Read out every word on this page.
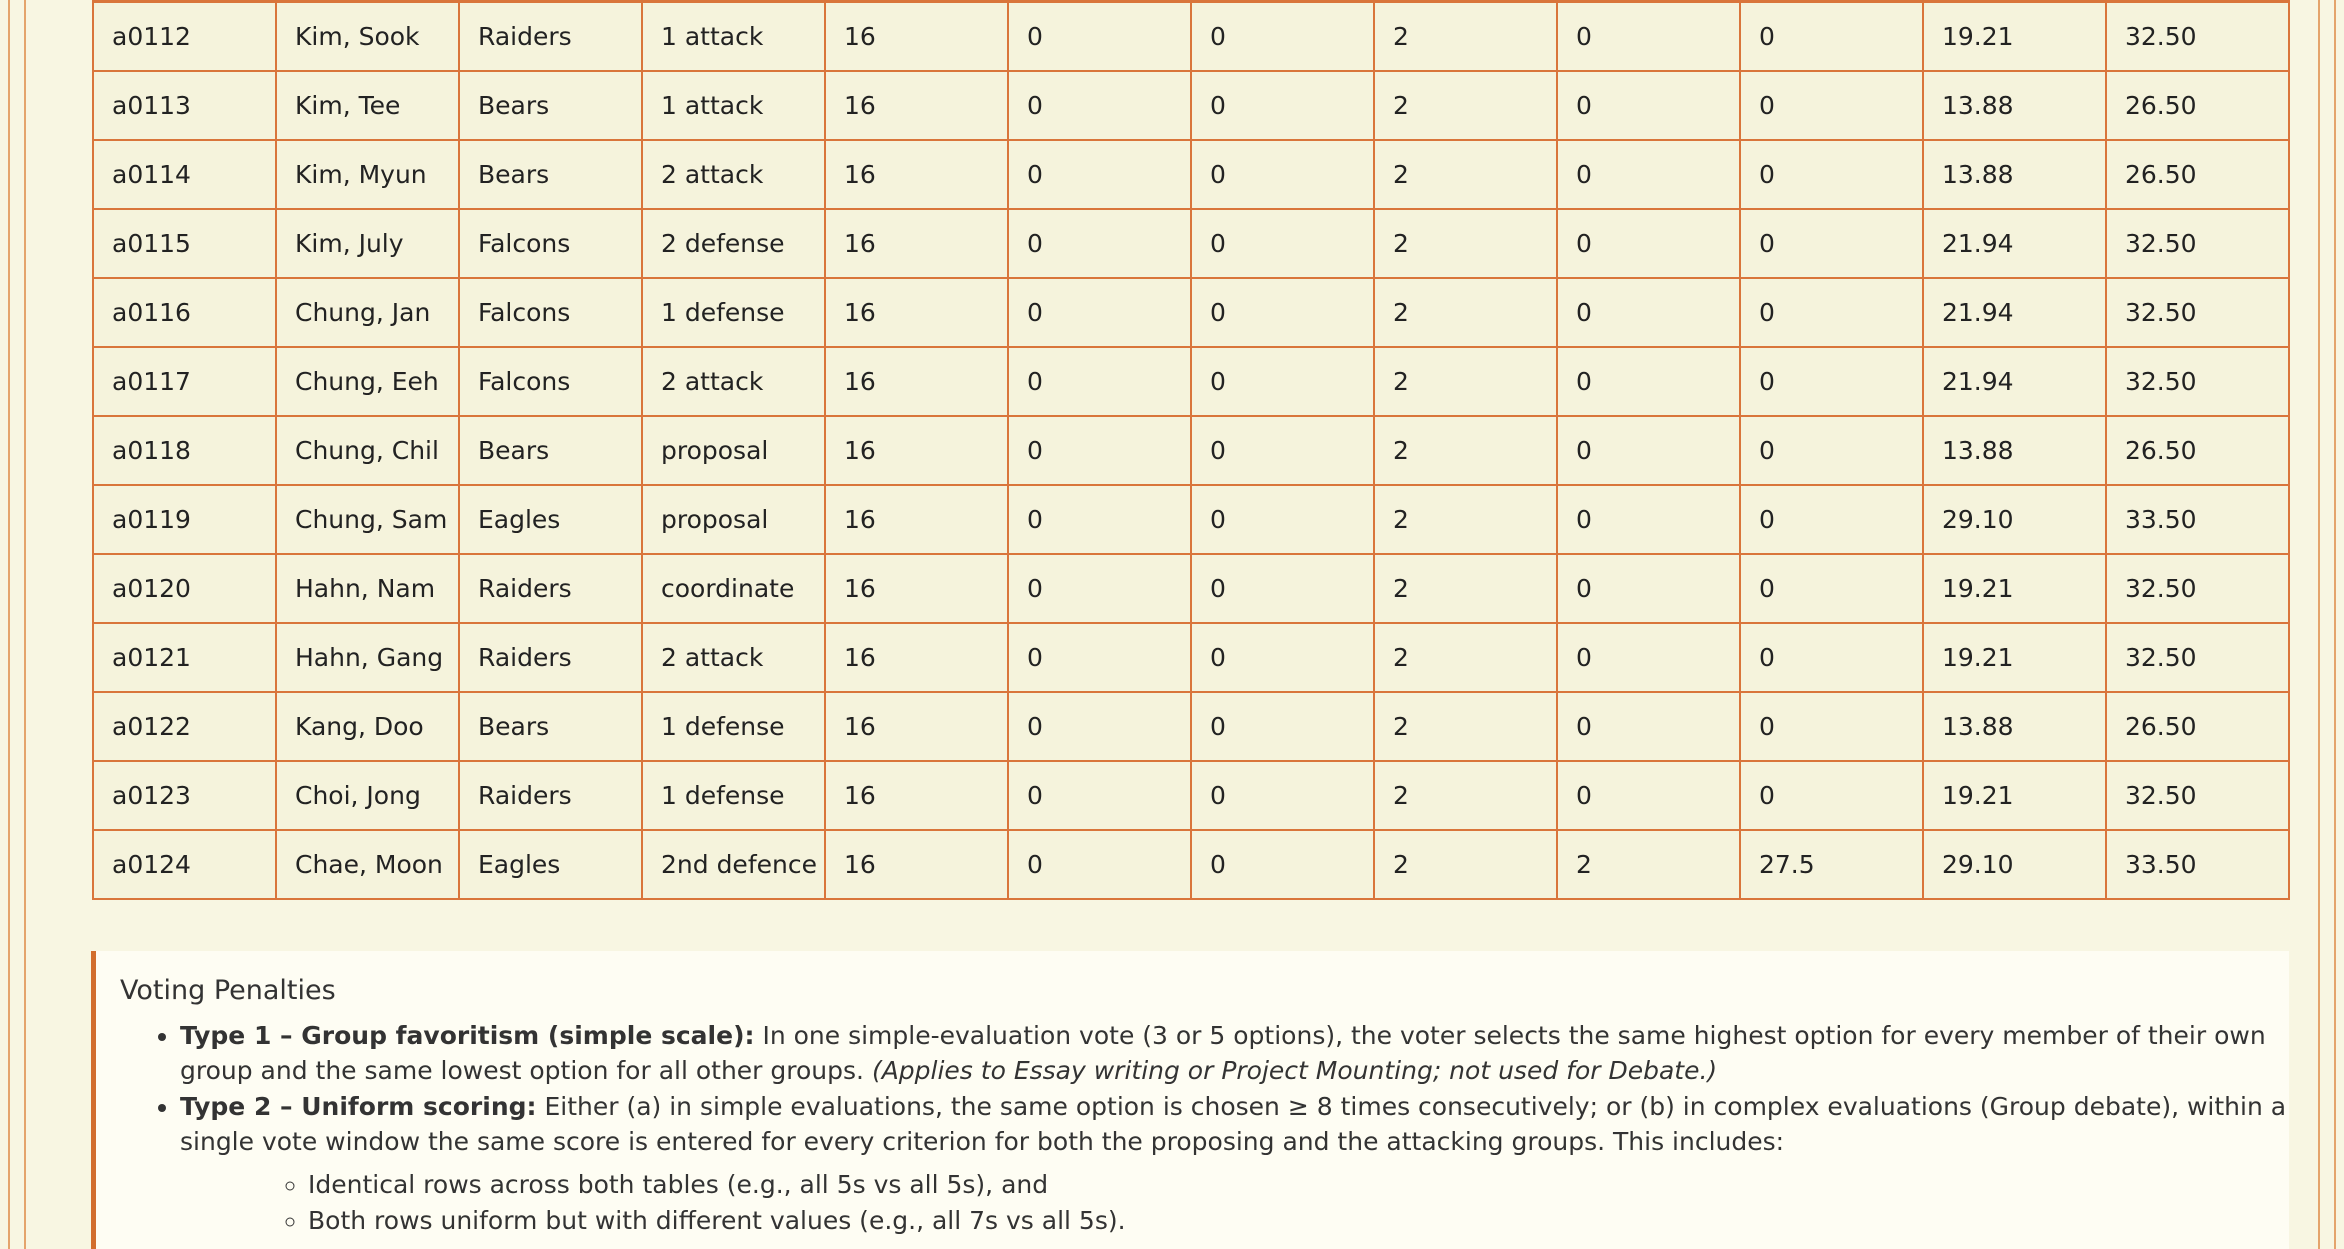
a0112	Kim, Sook	Raiders	1 attack	16	0	0	2	0	0	19.21	32.50
a0113	Kim, Tee	Bears	1 attack	16	0	0	2	0	0	13.88	26.50
a0114	Kim, Myun	Bears	2 attack	16	0	0	2	0	0	13.88	26.50
a0115	Kim, July	Falcons	2 defense	16	0	0	2	0	0	21.94	32.50
a0116	Chung, Jan	Falcons	1 defense	16	0	0	2	0	0	21.94	32.50
a0117	Chung, Eeh	Falcons	2 attack	16	0	0	2	0	0	21.94	32.50
a0118	Chung, Chil	Bears	proposal	16	0	0	2	0	0	13.88	26.50
a0119	Chung, Sam	Eagles	proposal	16	0	0	2	0	0	29.10	33.50
a0120	Hahn, Nam	Raiders	coordinate	16	0	0	2	0	0	19.21	32.50
a0121	Hahn, Gang	Raiders	2 attack	16	0	0	2	0	0	19.21	32.50
a0122	Kang, Doo	Bears	1 defense	16	0	0	2	0	0	13.88	26.50
a0123	Choi, Jong	Raiders	1 defense	16	0	0	2	0	0	19.21	32.50
a0124	Chae, Moon	Eagles	2nd defence	16	0	0	2	2	27.5	29.10	33.50
Voting Penalties
• Type 1 – Group favoritism (simple scale): In one simple-evaluation vote (3 or 5 options), the voter selects the same highest option for every member of their own group and the same lowest option for all other groups. (Applies to Essay writing or Project Mounting; not used for Debate.)
• Type 2 – Uniform scoring: Either (a) in simple evaluations, the same option is chosen ≥ 8 times consecutively; or (b) in complex evaluations (Group debate), within a single vote window the same score is entered for every criterion for both the proposing and the attacking groups. This includes:
◦ Identical rows across both tables (e.g., all 5s vs all 5s), and
◦ Both rows uniform but with different values (e.g., all 7s vs all 5s).
